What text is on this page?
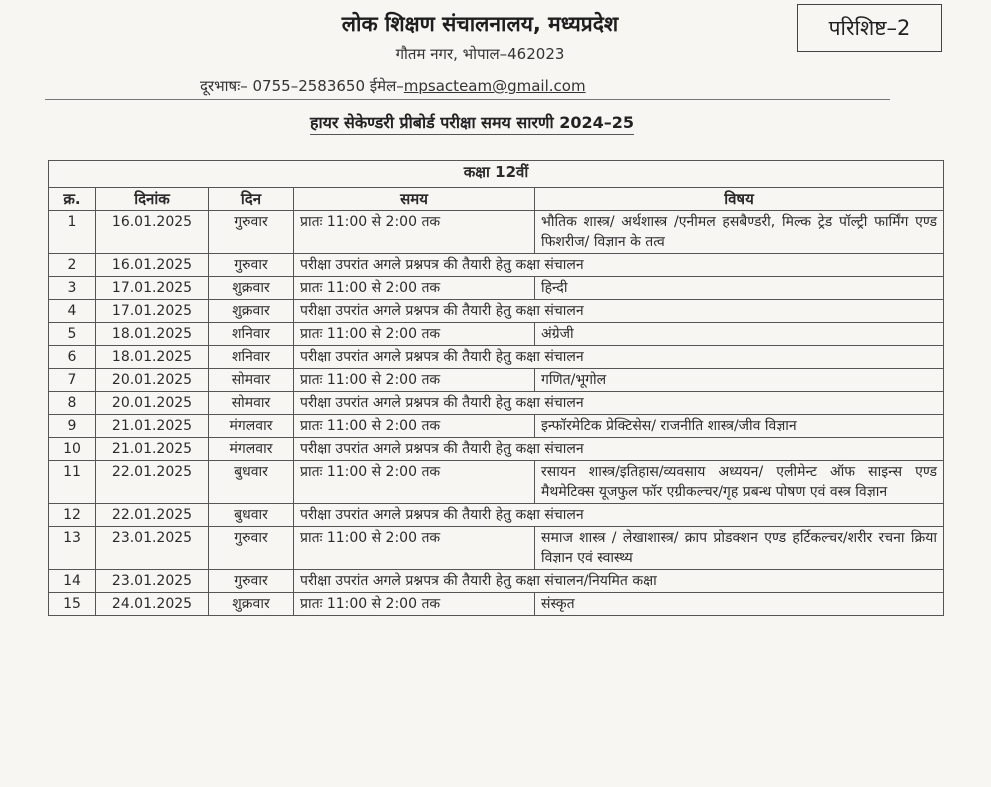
लोक शिक्षण संचालनालय, मध्यप्रदेश
गौतम नगर, भोपाल–462023
दूरभाषः– 0755–2583650 ईमेल–mpsacteam@gmail.com
परिशिष्ट–2
हायर सेकेण्डरी प्रीबोर्ड परीक्षा समय सारणी 2024–25
कक्षा 12वीं				
क्र.	दिनांक	दिन	समय	विषय
1	16.01.2025	गुरुवार	प्रातः 11:00 से 2:00 तक	भौतिक शास्त्र/ अर्थशास्त्र /एनीमल हसबैण्डरी, मिल्क ट्रेड पॉल्ट्री फार्मिंग एण्ड फिशरीज/ विज्ञान के तत्व
2	16.01.2025	गुरुवार	परीक्षा उपरांत अगले प्रश्नपत्र की तैयारी हेतु कक्षा संचालन	
3	17.01.2025	शुक्रवार	प्रातः 11:00 से 2:00 तक	हिन्दी
4	17.01.2025	शुक्रवार	परीक्षा उपरांत अगले प्रश्नपत्र की तैयारी हेतु कक्षा संचालन	
5	18.01.2025	शनिवार	प्रातः 11:00 से 2:00 तक	अंग्रेजी
6	18.01.2025	शनिवार	परीक्षा उपरांत अगले प्रश्नपत्र की तैयारी हेतु कक्षा संचालन	
7	20.01.2025	सोमवार	प्रातः 11:00 से 2:00 तक	गणित/भूगोल
8	20.01.2025	सोमवार	परीक्षा उपरांत अगले प्रश्नपत्र की तैयारी हेतु कक्षा संचालन	
9	21.01.2025	मंगलवार	प्रातः 11:00 से 2:00 तक	इन्फॉरमेटिक प्रेक्टिसेस/ राजनीति शास्त्र/जीव विज्ञान
10	21.01.2025	मंगलवार	परीक्षा उपरांत अगले प्रश्नपत्र की तैयारी हेतु कक्षा संचालन	
11	22.01.2025	बुधवार	प्रातः 11:00 से 2:00 तक	रसायन शास्त्र/इतिहास/व्यवसाय अध्ययन/ एलीमेन्ट ऑफ साइन्स एण्ड मैथमेटिक्स यूजफुल फॉर एग्रीकल्चर/गृह प्रबन्ध पोषण एवं वस्त्र विज्ञान
12	22.01.2025	बुधवार	परीक्षा उपरांत अगले प्रश्नपत्र की तैयारी हेतु कक्षा संचालन	
13	23.01.2025	गुरुवार	प्रातः 11:00 से 2:00 तक	समाज शास्त्र / लेखाशास्त्र/ क्राप प्रोडक्शन एण्ड हर्टिकल्चर/शरीर रचना क्रिया विज्ञान एवं स्वास्थ्य
14	23.01.2025	गुरुवार	परीक्षा उपरांत अगले प्रश्नपत्र की तैयारी हेतु कक्षा संचालन/नियमित कक्षा	
15	24.01.2025	शुक्रवार	प्रातः 11:00 से 2:00 तक	संस्कृत
